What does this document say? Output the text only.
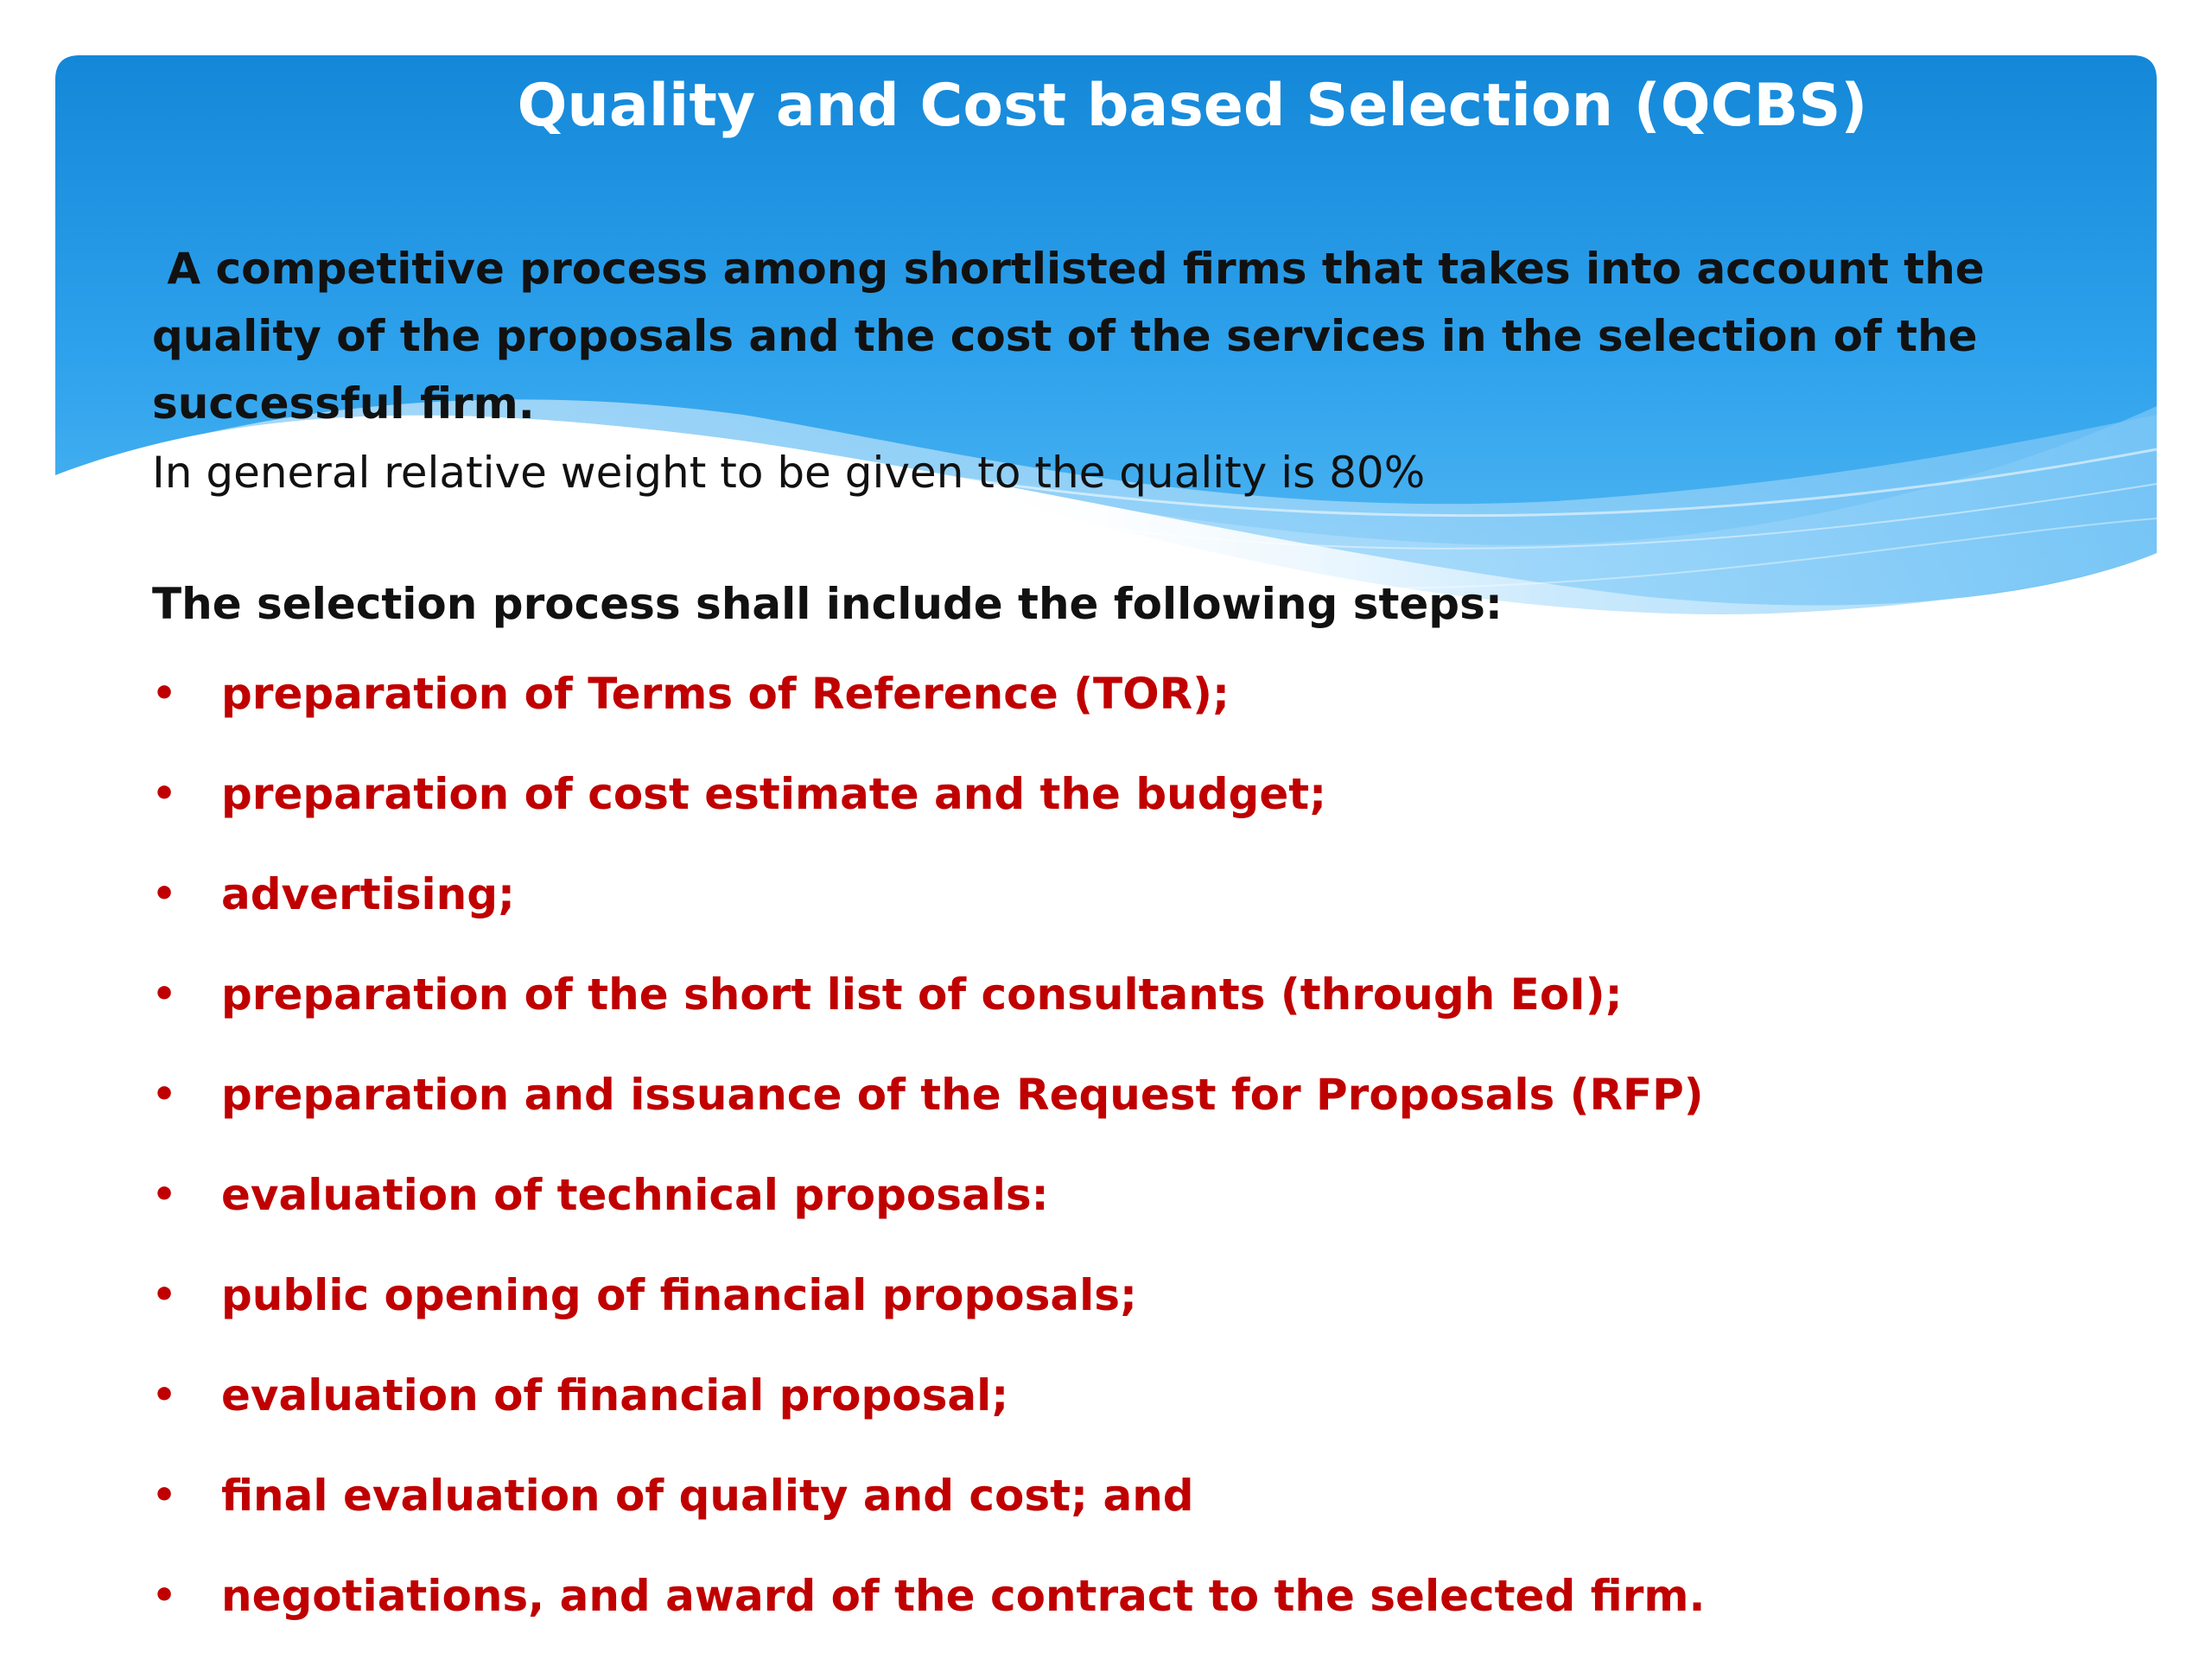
Quality and Cost based Selection (QCBS)
A competitive process among shortlisted firms that takes into account the quality of the proposals and the cost of the services in the selection of the successful firm.
In general relative weight to be given to the quality is 80%
The selection process shall include the following steps:
• preparation of Terms of Reference (TOR);
• preparation of cost estimate and the budget;
• advertising;
• preparation of the short list of consultants (through EoI);
• preparation and issuance of the Request for Proposals (RFP)
• evaluation of technical proposals:
• public opening of financial proposals;
• evaluation of financial proposal;
• final evaluation of quality and cost; and
• negotiations, and award of the contract to the selected firm.
